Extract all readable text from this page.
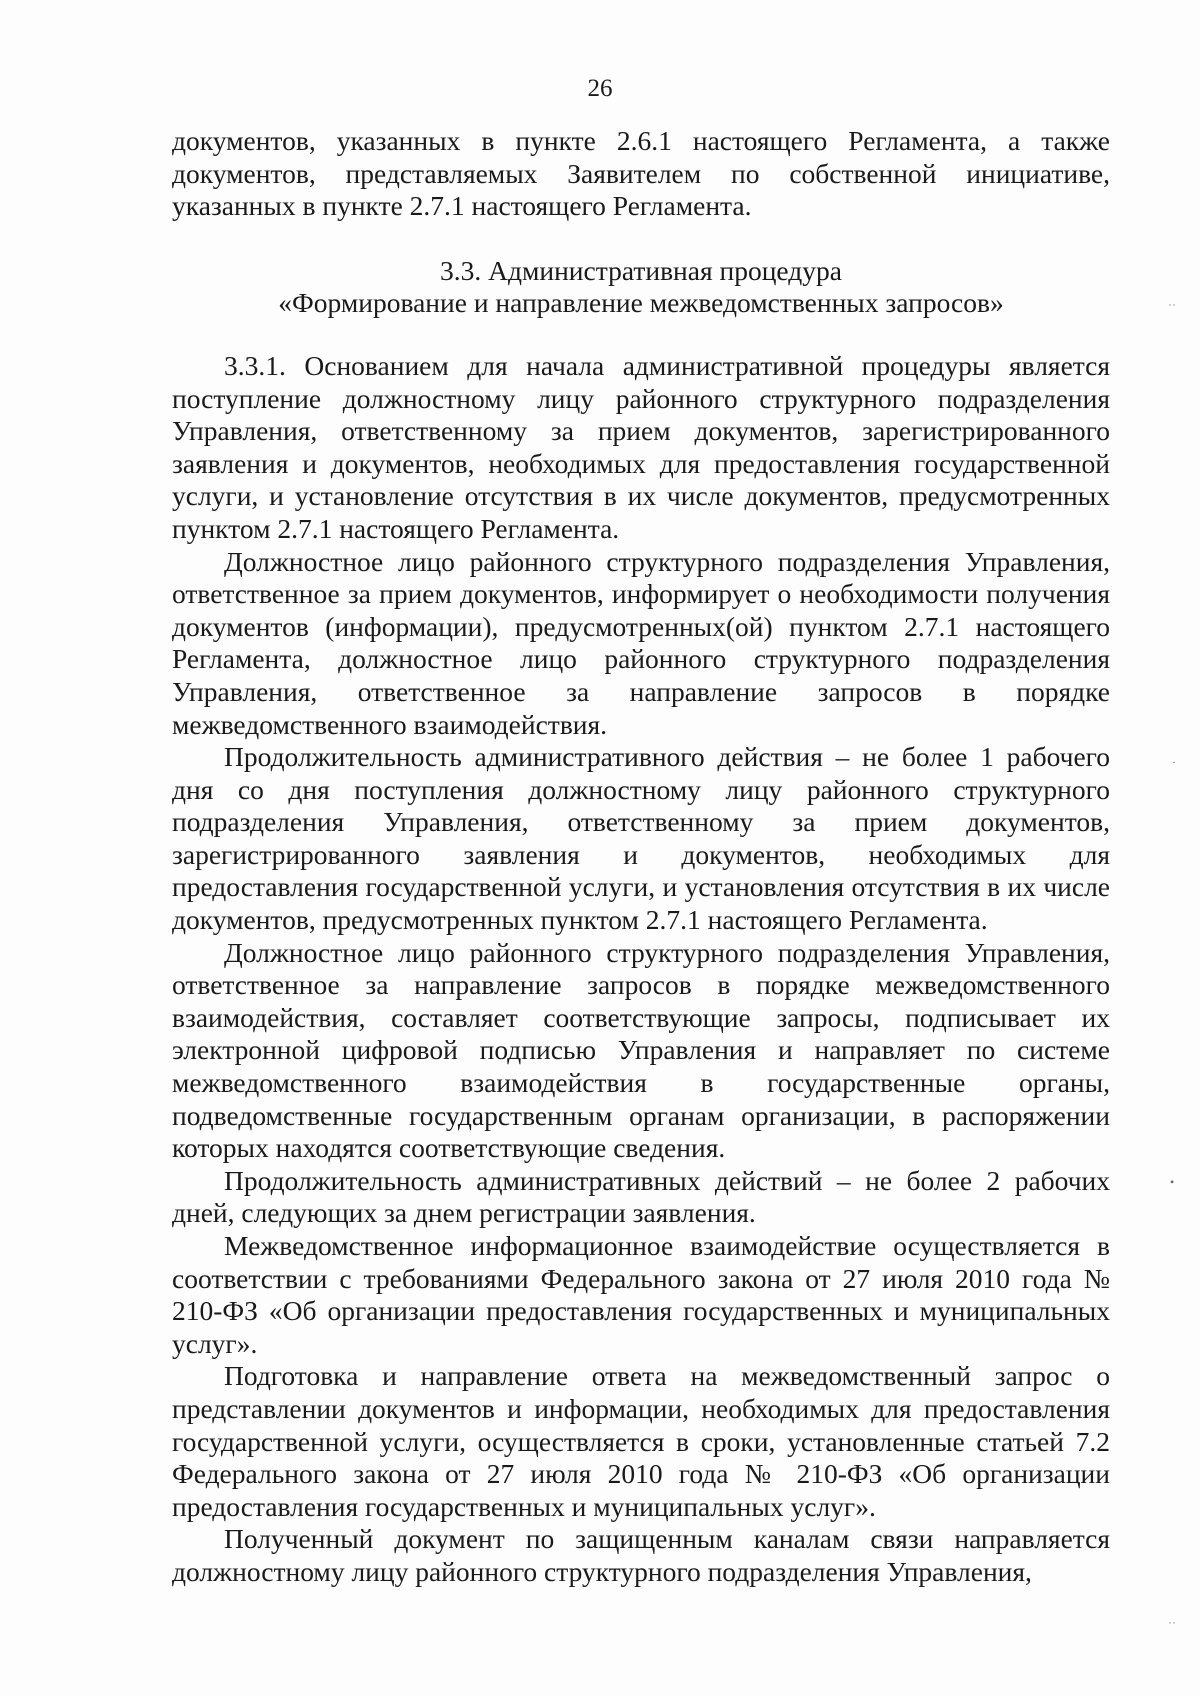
26

документов, указанных в пункте 2.6.1 настоящего Регламента, а также документов, представляемых Заявителем по собственной инициативе, указанных в пункте 2.7.1 настоящего Регламента.

3.3. Административная процедура
«Формирование и направление межведомственных запросов»

3.3.1. Основанием для начала административной процедуры является поступление должностному лицу районного структурного подразделения Управления, ответственному за прием документов, зарегистрированного заявления и документов, необходимых для предоставления государственной услуги, и установление отсутствия в их числе документов, предусмотренных пунктом 2.7.1 настоящего Регламента.

Должностное лицо районного структурного подразделения Управления, ответственное за прием документов, информирует о необходимости получения документов (информации), предусмотренных(ой) пунктом 2.7.1 настоящего Регламента, должностное лицо районного структурного подразделения Управления, ответственное за направление запросов в порядке межведомственного взаимодействия.

Продолжительность административного действия – не более 1 рабочего дня со дня поступления должностному лицу районного структурного подразделения Управления, ответственному за прием документов, зарегистрированного заявления и документов, необходимых для предоставления государственной услуги, и установления отсутствия в их числе документов, предусмотренных пунктом 2.7.1 настоящего Регламента.

Должностное лицо районного структурного подразделения Управления, ответственное за направление запросов в порядке межведомственного взаимодействия, составляет соответствующие запросы, подписывает их электронной цифровой подписью Управления и направляет по системе межведомственного взаимодействия в государственные органы, подведомственные государственным органам организации, в распоряжении которых находятся соответствующие сведения.

Продолжительность административных действий – не более 2 рабочих дней, следующих за днем регистрации заявления.

Межведомственное информационное взаимодействие осуществляется в соответствии с требованиями Федерального закона от 27 июля 2010 года № 210-ФЗ «Об организации предоставления государственных и муниципальных услуг».

Подготовка и направление ответа на межведомственный запрос о представлении документов и информации, необходимых для предоставления государственной услуги, осуществляется в сроки, установленные статьей 7.2 Федерального закона от 27 июля 2010 года № 210-ФЗ «Об организации предоставления государственных и муниципальных услуг».

Полученный документ по защищенным каналам связи направляется должностному лицу районного структурного подразделения Управления,

˙˙
·
•
˙˙
